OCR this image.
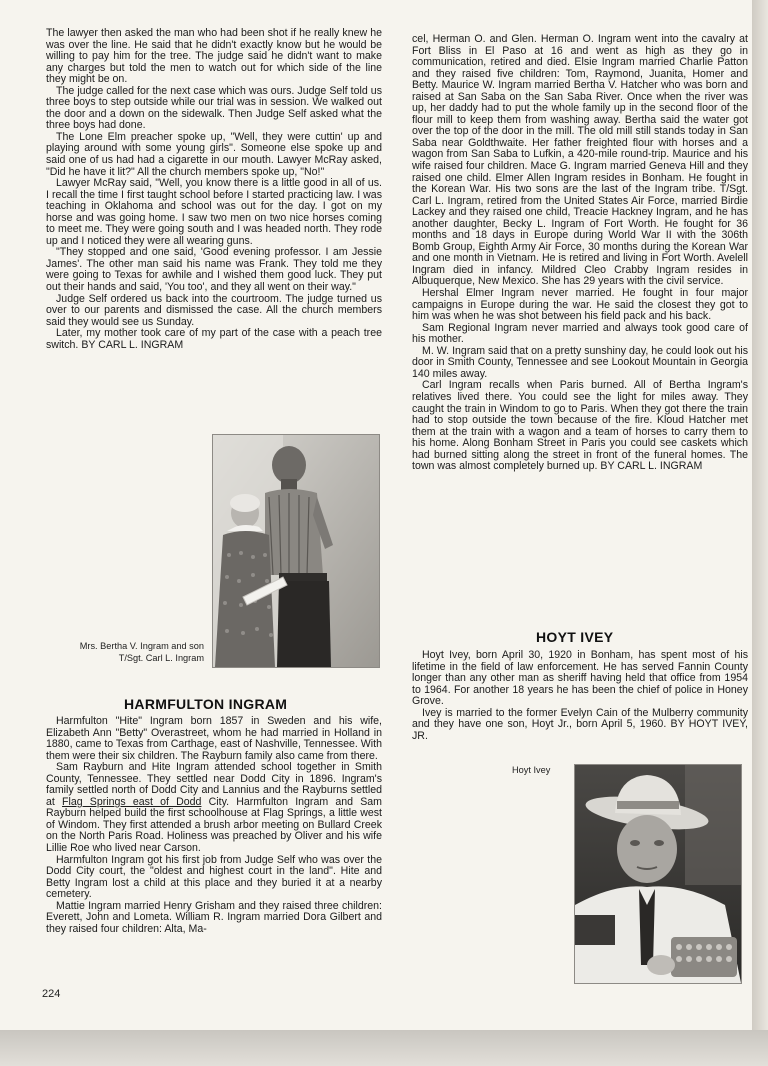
The lawyer then asked the man who had been shot if he really knew he was over the line. He said that he didn't exactly know but he would be willing to pay him for the tree. The judge said he didn't want to make any charges but told the men to watch out for which side of the line they might be on.

The judge called for the next case which was ours. Judge Self told us three boys to step outside while our trial was in session. We walked out the door and a down on the sidewalk. Then Judge Self asked what the three boys had done.

The Lone Elm preacher spoke up, "Well, they were cuttin' up and playing around with some young girls". Someone else spoke up and said one of us had had a cigarette in our mouth. Lawyer McRay asked, "Did he have it lit?" All the church members spoke up, "No!"

Lawyer McRay said, "Well, you know there is a little good in all of us. I recall the time I first taught school before I started practicing law. I was teaching in Oklahoma and school was out for the day. I got on my horse and was going home. I saw two men on two nice horses coming to meet me. They were going south and I was headed north. They rode up and I noticed they were all wearing guns.

"They stopped and one said, 'Good evening professor. I am Jessie James'. The other man said his name was Frank. They told me they were going to Texas for awhile and I wished them good luck. They put out their hands and said, 'You too', and they all went on their way."

Judge Self ordered us back into the courtroom. The judge turned us over to our parents and dismissed the case. All the church members said they would see us Sunday.

Later, my mother took care of my part of the case with a peach tree switch. BY CARL L. INGRAM

Mrs. Bertha V. Ingram and son
T/Sgt. Carl L. Ingram
HARMFULTON INGRAM

Harmfulton "Hite" Ingram born 1857 in Sweden and his wife, Elizabeth Ann "Betty" Overastreet, whom he had married in Holland in 1880, came to Texas from Carthage, east of Nashville, Tennessee. With them were their six children. The Rayburn family also came from there.

Sam Rayburn and Hite Ingram attended school together in Smith County, Tennessee. They settled near Dodd City in 1896. Ingram's family settled north of Dodd City and Lannius and the Rayburns settled at Flag Springs east of Dodd City. Harmfulton Ingram and Sam Rayburn helped build the first schoolhouse at Flag Springs, a little west of Windom. They first attended a brush arbor meeting on Bullard Creek on the North Paris Road. Holiness was preached by Oliver and his wife Lillie Roe who lived near Carson.

Harmfulton Ingram got his first job from Judge Self who was over the Dodd City court, the "oldest and highest court in the land". Hite and Betty Ingram lost a child at this place and they buried it at a nearby cemetery.

Mattie Ingram married Henry Grisham and they raised three children: Everett, John and Lometa. William R. Ingram married Dora Gilbert and they raised four children: Alta, Ma-

224

cel, Herman O. and Glen. Herman O. Ingram went into the cavalry at Fort Bliss in El Paso at 16 and went as high as they go in communication, retired and died. Elsie Ingram married Charlie Patton and they raised five children: Tom, Raymond, Juanita, Homer and Betty. Maurice W. Ingram married Bertha V. Hatcher who was born and raised at San Saba on the San Saba River. Once when the river was up, her daddy had to put the whole family up in the second floor of the flour mill to keep them from washing away. Bertha said the water got over the top of the door in the mill. The old mill still stands today in San Saba near Goldthwaite. Her father freighted flour with horses and a wagon from San Saba to Lufkin, a 420-mile round-trip. Maurice and his wife raised four children. Mace G. Ingram married Geneva Hill and they raised one child. Elmer Allen Ingram resides in Bonham. He fought in the Korean War. His two sons are the last of the Ingram tribe. T/Sgt. Carl L. Ingram, retired from the United States Air Force, married Birdie Lackey and they raised one child, Treacie Hackney Ingram, and he has another daughter, Becky L. Ingram of Fort Worth. He fought for 36 months and 18 days in Europe during World War II with the 306th Bomb Group, Eighth Army Air Force, 30 months during the Korean War and one month in Vietnam. He is retired and living in Fort Worth. Avelell Ingram died in infancy. Mildred Cleo Crabby Ingram resides in Albuquerque, New Mexico. She has 29 years with the civil service.

Hershal Elmer Ingram never married. He fought in four major campaigns in Europe during the war. He said the closest they got to him was when he was shot between his field pack and his back.

Sam Regional Ingram never married and always took good care of his mother.

M. W. Ingram said that on a pretty sunshiny day, he could look out his door in Smith County, Tennessee and see Lookout Mountain in Georgia 140 miles away.

Carl Ingram recalls when Paris burned. All of Bertha Ingram's relatives lived there. You could see the light for miles away. They caught the train in Windom to go to Paris. When they got there the train had to stop outside the town because of the fire. Kloud Hatcher met them at the train with a wagon and a team of horses to carry them to his home. Along Bonham Street in Paris you could see caskets which had burned sitting along the street in front of the funeral homes. The town was almost completely burned up. BY CARL L. INGRAM

HOYT IVEY

Hoyt Ivey, born April 30, 1920 in Bonham, has spent most of his lifetime in the field of law enforcement. He has served Fannin County longer than any other man as sheriff having held that office from 1954 to 1964. For another 18 years he has been the chief of police in Honey Grove.

Ivey is married to the former Evelyn Cain of the Mulberry community and they have one son, Hoyt Jr., born April 5, 1960. BY HOYT IVEY, JR.

Hoyt Ivey
